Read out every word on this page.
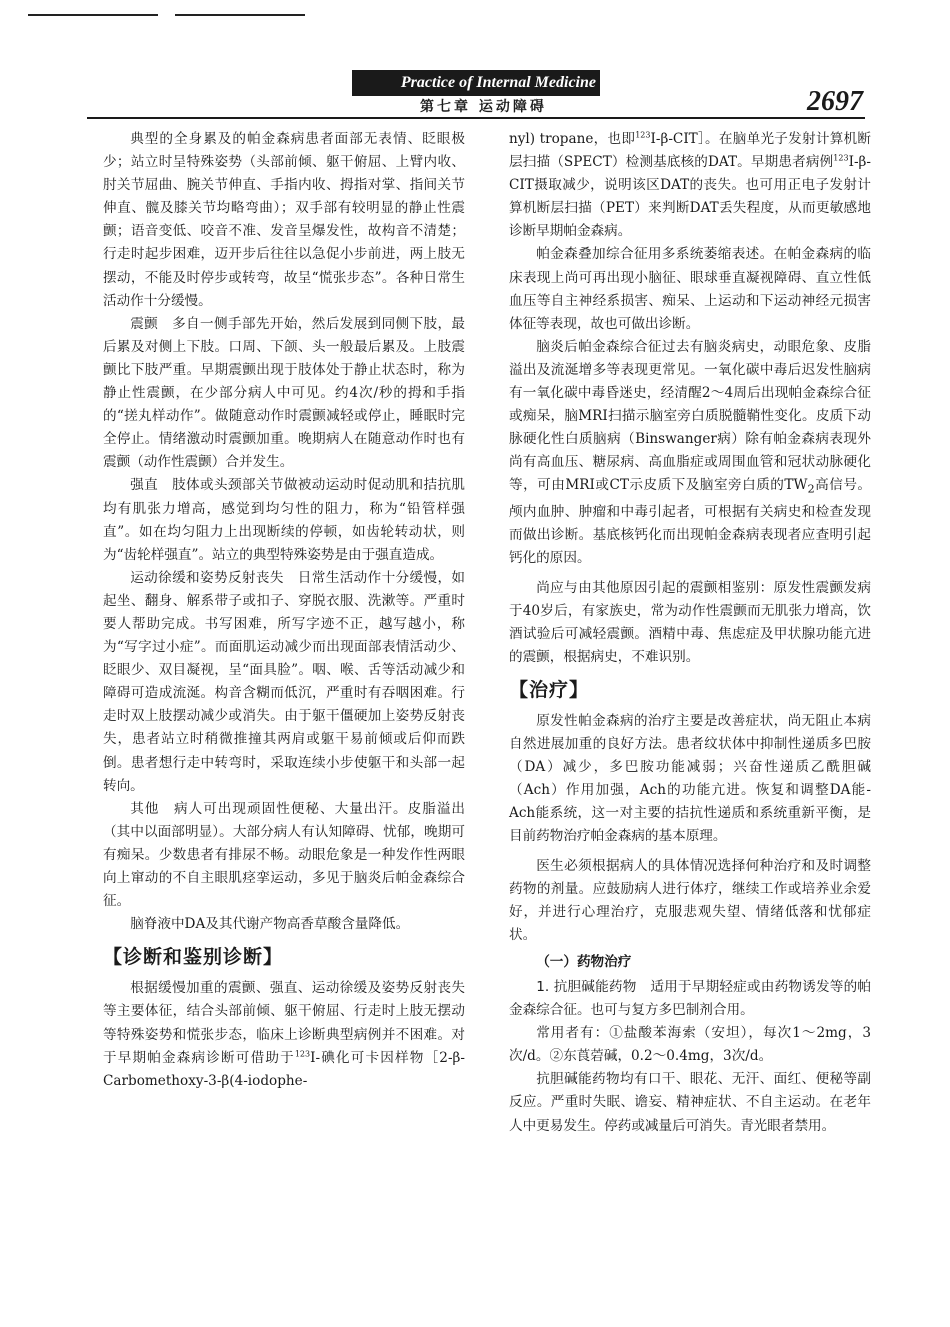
Practice of Internal Medicine
第七章 运动障碍	2697

典型的全身累及的帕金森病患者面部无表情、眨眼极少；站立时呈特殊姿势（头部前倾、躯干俯屈、上臂内收、肘关节屈曲、腕关节伸直、手指内收、拇指对掌、指间关节伸直、髋及膝关节均略弯曲）；双手部有较明显的静止性震颤；语音变低、咬音不准、发音呈爆发性，故构音不清楚；行走时起步困难，迈开步后往往以急促小步前进，两上肢无摆动，不能及时停步或转弯，故呈“慌张步态”。各种日常生活动作十分缓慢。

震颤　 多自一侧手部先开始，然后发展到同侧下肢，最后累及对侧上下肢。口周、下颌、头一般最后累及。上肢震颤比下肢严重。早期震颤出现于肢体处于静止状态时，称为静止性震颤，在少部分病人中可见。约4次/秒的拇和手指的“搓丸样动作”。做随意动作时震颤减轻或停止，睡眠时完全停止。情绪激动时震颤加重。晚期病人在随意动作时也有震颤（动作性震颤）合并发生。

强直　 肢体或头颈部关节做被动运动时促动肌和拮抗肌均有肌张力增高，感觉到均匀性的阻力，称为“铅管样强直”。如在均匀阻力上出现断续的停顿，如齿轮转动状，则为“齿轮样强直”。站立的典型特殊姿势是由于强直造成。

运动徐缓和姿势反射丧失　 日常生活动作十分缓慢，如起坐、翻身、解系带子或扣子、穿脱衣服、洗漱等。严重时要人帮助完成。书写困难，所写字迹不正，越写越小，称为“写字过小症”。而面肌运动减少而出现面部表情活动少、眨眼少、双目凝视，呈“面具脸”。咽、喉、舌等活动减少和障碍可造成流涎。构音含糊而低沉，严重时有吞咽困难。行走时双上肢摆动减少或消失。由于躯干僵硬加上姿势反射丧失，患者站立时稍微推撞其两肩或躯干易前倾或后仰而跌倒。患者想行走中转弯时，采取连续小步使躯干和头部一起转向。

其他　 病人可出现顽固性便秘、大量出汗。皮脂溢出（其中以面部明显）。大部分病人有认知障碍、忧郁，晚期可有痴呆。少数患者有排尿不畅。动眼危象是一种发作性两眼向上窜动的不自主眼肌痉挛运动，多见于脑炎后帕金森综合征。

脑脊液中DA及其代谢产物高香草酸含量降低。

【诊断和鉴别诊断】

根据缓慢加重的震颤、强直、运动徐缓及姿势反射丧失等主要体征，结合头部前倾、躯干俯屈、行走时上肢无摆动等特殊姿势和慌张步态，临床上诊断典型病例并不困难。对于早期帕金森病诊断可借助于$^{123}$I-碘化可卡因样物［2-β-Carbomethoxy-3-β(4-iodophe-

nyl) tropane，也即$^{123}$I-β-CIT］。在脑单光子发射计算机断层扫描（SPECT）检测基底核的DAT。早期患者病例$^{123}$I-β-CIT摄取减少，说明该区DAT的丧失。也可用正电子发射计算机断层扫描（PET）来判断DAT丢失程度，从而更敏感地诊断早期帕金森病。

帕金森叠加综合征用多系统萎缩表述。在帕金森病的临床表现上尚可再出现小脑征、眼球垂直凝视障碍、直立性低血压等自主神经系损害、痴呆、上运动和下运动神经元损害体征等表现，故也可做出诊断。

脑炎后帕金森综合征过去有脑炎病史，动眼危象、皮脂溢出及流涎增多等表现更常见。一氧化碳中毒后迟发性脑病有一氧化碳中毒昏迷史，经清醒2～4周后出现帕金森综合征或痴呆，脑MRI扫描示脑室旁白质脱髓鞘性变化。皮质下动脉硬化性白质脑病（Binswanger病）除有帕金森病表现外尚有高血压、糖尿病、高血脂症或周围血管和冠状动脉硬化等，可由MRI或CT示皮质下及脑室旁白质的$TW_2$高信号。颅内血肿、肿瘤和中毒引起者，可根据有关病史和检查发现而做出诊断。基底核钙化而出现帕金森病表现者应查明引起钙化的原因。

尚应与由其他原因引起的震颤相鉴别：原发性震颤发病于40岁后，有家族史，常为动作性震颤而无肌张力增高，饮酒试验后可减轻震颤。酒精中毒、焦虑症及甲状腺功能亢进的震颤，根据病史，不难识别。

【治疗】

原发性帕金森病的治疗主要是改善症状，尚无阻止本病自然进展加重的良好方法。患者纹状体中抑制性递质多巴胺（DA）减少，多巴胺功能减弱；兴奋性递质乙酰胆碱（Ach）作用加强，Ach的功能亢进。恢复和调整DA能-Ach能系统，这一对主要的拮抗性递质和系统重新平衡，是目前药物治疗帕金森病的基本原理。

医生必须根据病人的具体情况选择何种治疗和及时调整药物的剂量。应鼓励病人进行体疗，继续工作或培养业余爱好，并进行心理治疗，克服悲观失望、情绪低落和忧郁症状。

（一）药物治疗

1. 抗胆碱能药物　 适用于早期轻症或由药物诱发等的帕金森综合征。也可与复方多巴制剂合用。

常用者有：①盐酸苯海索（安坦），每次1～2mg，3次/d。②东莨菪碱，0.2～0.4mg，3次/d。

抗胆碱能药物均有口干、眼花、无汗、面红、便秘等副反应。严重时失眠、谵妄、精神症状、不自主运动。在老年人中更易发生。停药或减量后可消失。青光眼者禁用。
